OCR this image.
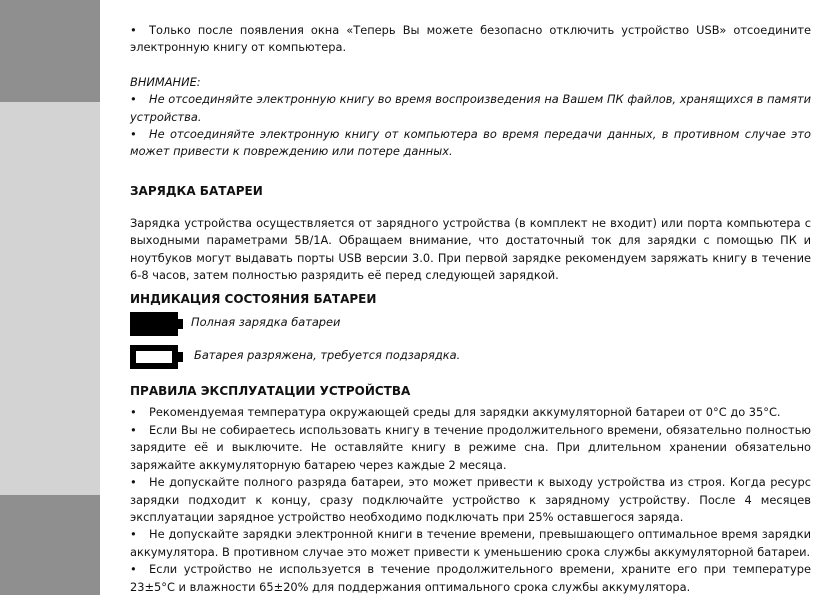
• Только после появления окна «Теперь Вы можете безопасно отключить устройство USB» отсоедините электронную книгу от компьютера.

ВНИМАНИЕ:

• Не отсоединяйте электронную книгу во время воспроизведения на Вашем ПК файлов, хранящихся в памяти устройства.

• Не отсоединяйте электронную книгу от компьютера во время передачи данных, в противном случае это может привести к повреждению или потере данных.

ЗАРЯДКА БАТАРЕИ

Зарядка устройства осуществляется от зарядного устройства (в комплект не входит) или порта компьютера с выходными параметрами 5В/1А. Обращаем внимание, что достаточный ток для зарядки с помощью ПК и ноутбуков могут выдавать порты USB версии 3.0. При первой зарядке рекомендуем заряжать книгу в течение 6-8 часов, затем полностью разрядить её перед следующей зарядкой.

ИНДИКАЦИЯ СОСТОЯНИЯ БАТАРЕИ
Полная зарядка батареи
Батарея разряжена, требуется подзарядка.
ПРАВИЛА ЭКСПЛУАТАЦИИ УСТРОЙСТВА

• Рекомендуемая температура окружающей среды для зарядки аккумуляторной батареи от 0°С до 35°С.

• Если Вы не собираетесь использовать книгу в течение продолжительного времени, обязательно полностью зарядите её и выключите. Не оставляйте книгу в режиме сна. При длительном хранении обязательно заряжайте аккумуляторную батарею через каждые 2 месяца.

• Не допускайте полного разряда батареи, это может привести к выходу устройства из строя. Когда ресурс зарядки подходит к концу, сразу подключайте устройство к зарядному устройству. После 4 месяцев эксплуатации зарядное устройство необходимо подключать при 25% оставшегося заряда.

• Не допускайте зарядки электронной книги в течение времени, превышающего оптимальное время зарядки аккумулятора. В противном случае это может привести к уменьшению срока службы аккумуляторной батареи.

• Если устройство не используется в течение продолжительного времени, храните его при температуре 23±5°С и влажности 65±20% для поддержания оптимального срока службы аккумулятора.
